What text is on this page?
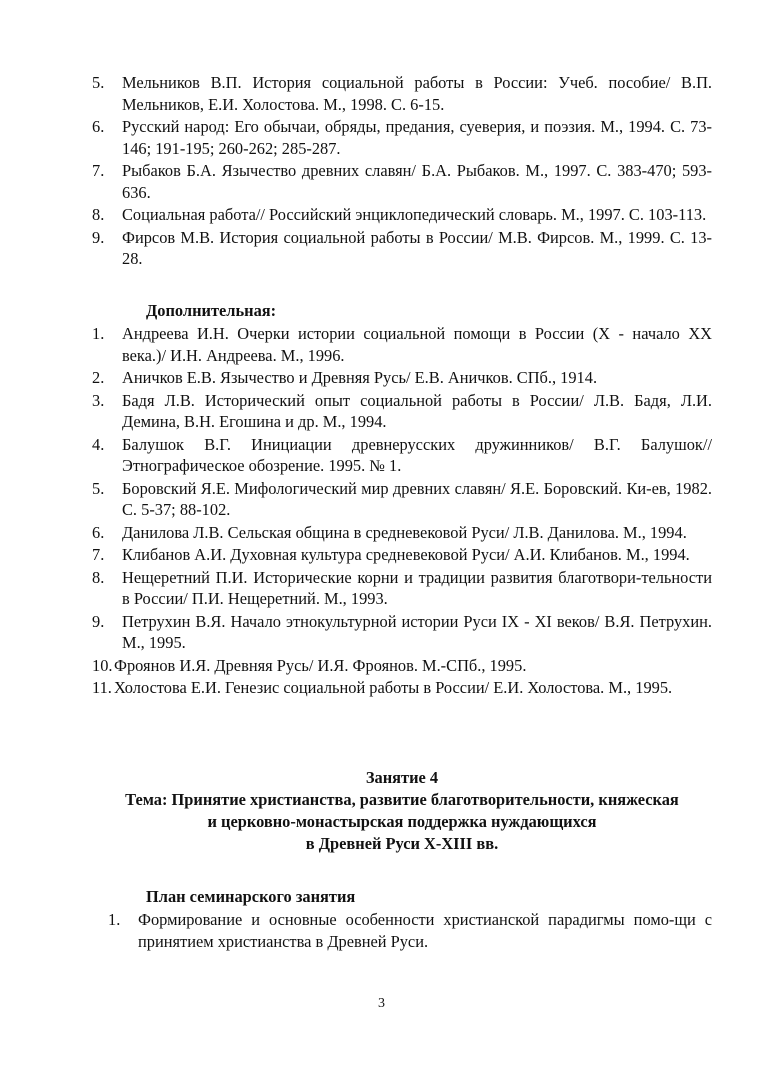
5. Мельников В.П. История социальной работы в России: Учеб. пособие/ В.П. Мельников, Е.И. Холостова. М., 1998. С. 6-15.
6. Русский народ: Его обычаи, обряды, предания, суеверия, и поэзия. М., 1994. С. 73-146; 191-195; 260-262; 285-287.
7. Рыбаков Б.А. Язычество древних славян/ Б.А. Рыбаков. М., 1997. С. 383-470; 593-636.
8. Социальная работа// Российский энциклопедический словарь. М., 1997. С. 103-113.
9. Фирсов М.В. История социальной работы в России/ М.В. Фирсов. М., 1999. С. 13-28.

Дополнительная:

1. Андреева И.Н. Очерки истории социальной помощи в России (X - начало XX века.)/ И.Н. Андреева. М., 1996.
2. Аничков Е.В. Язычество и Древняя Русь/ Е.В. Аничков. СПб., 1914.
3. Бадя Л.В. Исторический опыт социальной работы в России/ Л.В. Бадя, Л.И. Демина, В.Н. Егошина и др. М., 1994.
4. Балушок В.Г. Инициации древнерусских дружинников/ В.Г. Балушок// Этнографическое обозрение. 1995. № 1.
5. Боровский Я.Е. Мифологический мир древних славян/ Я.Е. Боровский. Ки-ев, 1982. С. 5-37; 88-102.
6. Данилова Л.В. Сельская община в средневековой Руси/ Л.В. Данилова. М., 1994.
7. Клибанов А.И. Духовная культура средневековой Руси/ А.И. Клибанов. М., 1994.
8. Нещеретний П.И. Исторические корни и традиции развития благотвори-тельности в России/ П.И. Нещеретний. М., 1993.
9. Петрухин В.Я. Начало этнокультурной истории Руси IX - XI веков/ В.Я. Петрухин. М., 1995.
10. Фроянов И.Я. Древняя Русь/ И.Я. Фроянов. М.-СПб., 1995.
11. Холостова Е.И. Генезис социальной работы в России/ Е.И. Холостова. М., 1995.
Занятие 4
Тема: Принятие христианства, развитие благотворительности, княжеская
и церковно-монастырская поддержка нуждающихся
в Древней Руси X-XIII вв.

План семинарского занятия

1. Формирование и основные особенности христианской парадигмы помо-щи с принятием христианства в Древней Руси.
3
